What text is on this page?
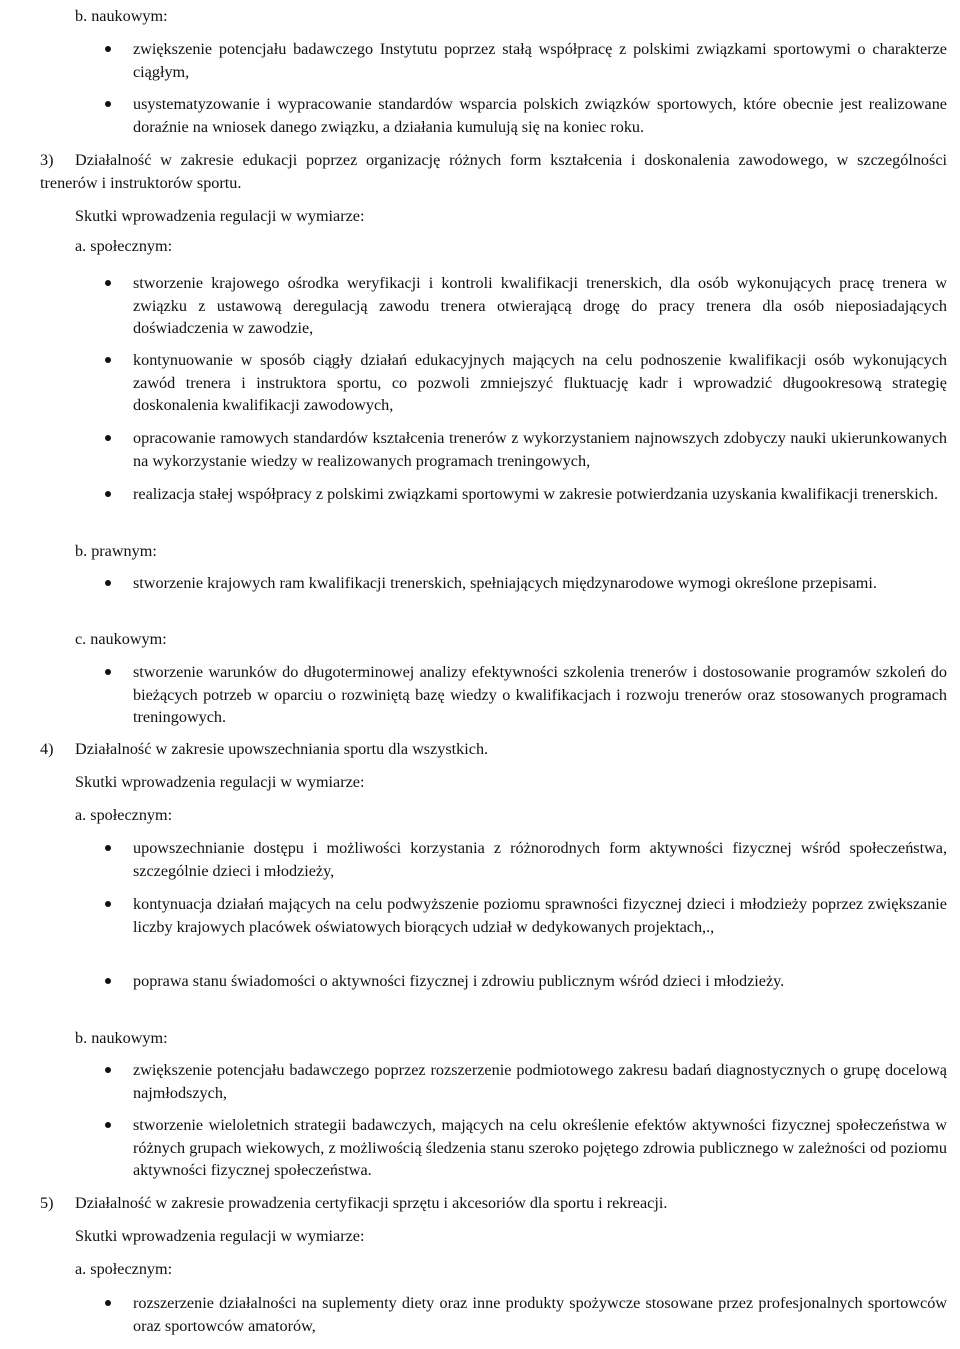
b. naukowym:
zwiększenie potencjału badawczego Instytutu poprzez stałą współpracę z polskimi związkami sportowymi o charakterze ciągłym,
usystematyzowanie i wypracowanie standardów wsparcia polskich związków sportowych, które obecnie jest realizowane doraźnie na wniosek danego związku, a działania kumulują się na koniec roku.
3) Działalność w zakresie edukacji poprzez organizację różnych form kształcenia i doskonalenia zawodowego, w szczególności trenerów i instruktorów sportu.
Skutki wprowadzenia regulacji w wymiarze:
a. społecznym:
stworzenie krajowego ośrodka weryfikacji i kontroli kwalifikacji trenerskich, dla osób wykonujących pracę trenera w związku z ustawową deregulacją zawodu trenera otwierającą drogę do pracy trenera dla osób nieposiadających doświadczenia w zawodzie,
kontynuowanie w sposób ciągły działań edukacyjnych mających na celu podnoszenie kwalifikacji osób wykonujących zawód trenera i instruktora sportu, co pozwoli zmniejszyć fluktuację kadr i wprowadzić długookresową strategię doskonalenia kwalifikacji zawodowych,
opracowanie ramowych standardów kształcenia trenerów z wykorzystaniem najnowszych zdobyczy nauki ukierunkowanych na wykorzystanie wiedzy w realizowanych programach treningowych,
realizacja stałej współpracy z polskimi związkami sportowymi w zakresie potwierdzania uzyskania kwalifikacji trenerskich.
b. prawnym:
stworzenie krajowych ram kwalifikacji trenerskich, spełniających międzynarodowe wymogi określone przepisami.
c. naukowym:
stworzenie warunków do długoterminowej analizy efektywności szkolenia trenerów i dostosowanie programów szkoleń do bieżących potrzeb w oparciu o rozwiniętą bazę wiedzy o kwalifikacjach i rozwoju trenerów oraz stosowanych programach treningowych.
4) Działalność w zakresie upowszechniania sportu dla wszystkich.
Skutki wprowadzenia regulacji w wymiarze:
a. społecznym:
upowszechnianie dostępu i możliwości korzystania z różnorodnych form aktywności fizycznej wśród społeczeństwa, szczególnie dzieci i młodzieży,
kontynuacja działań mających na celu podwyższenie poziomu sprawności fizycznej dzieci i młodzieży poprzez zwiększanie liczby krajowych placówek oświatowych biorących udział w dedykowanych projektach,.,
poprawa stanu świadomości o aktywności fizycznej i zdrowiu publicznym wśród dzieci i młodzieży.
b. naukowym:
zwiększenie potencjału badawczego poprzez rozszerzenie podmiotowego zakresu badań diagnostycznych o grupę docelową najmłodszych,
stworzenie wieloletnich strategii badawczych, mających na celu określenie efektów aktywności fizycznej społeczeństwa w różnych grupach wiekowych, z możliwością śledzenia stanu szeroko pojętego zdrowia publicznego w zależności od poziomu aktywności fizycznej społeczeństwa.
5) Działalność w zakresie prowadzenia certyfikacji sprzętu i akcesoriów dla sportu i rekreacji.
Skutki wprowadzenia regulacji w wymiarze:
a. społecznym:
rozszerzenie działalności na suplementy diety oraz inne produkty spożywcze stosowane przez profesjonalnych sportowców oraz sportowców amatorów,
